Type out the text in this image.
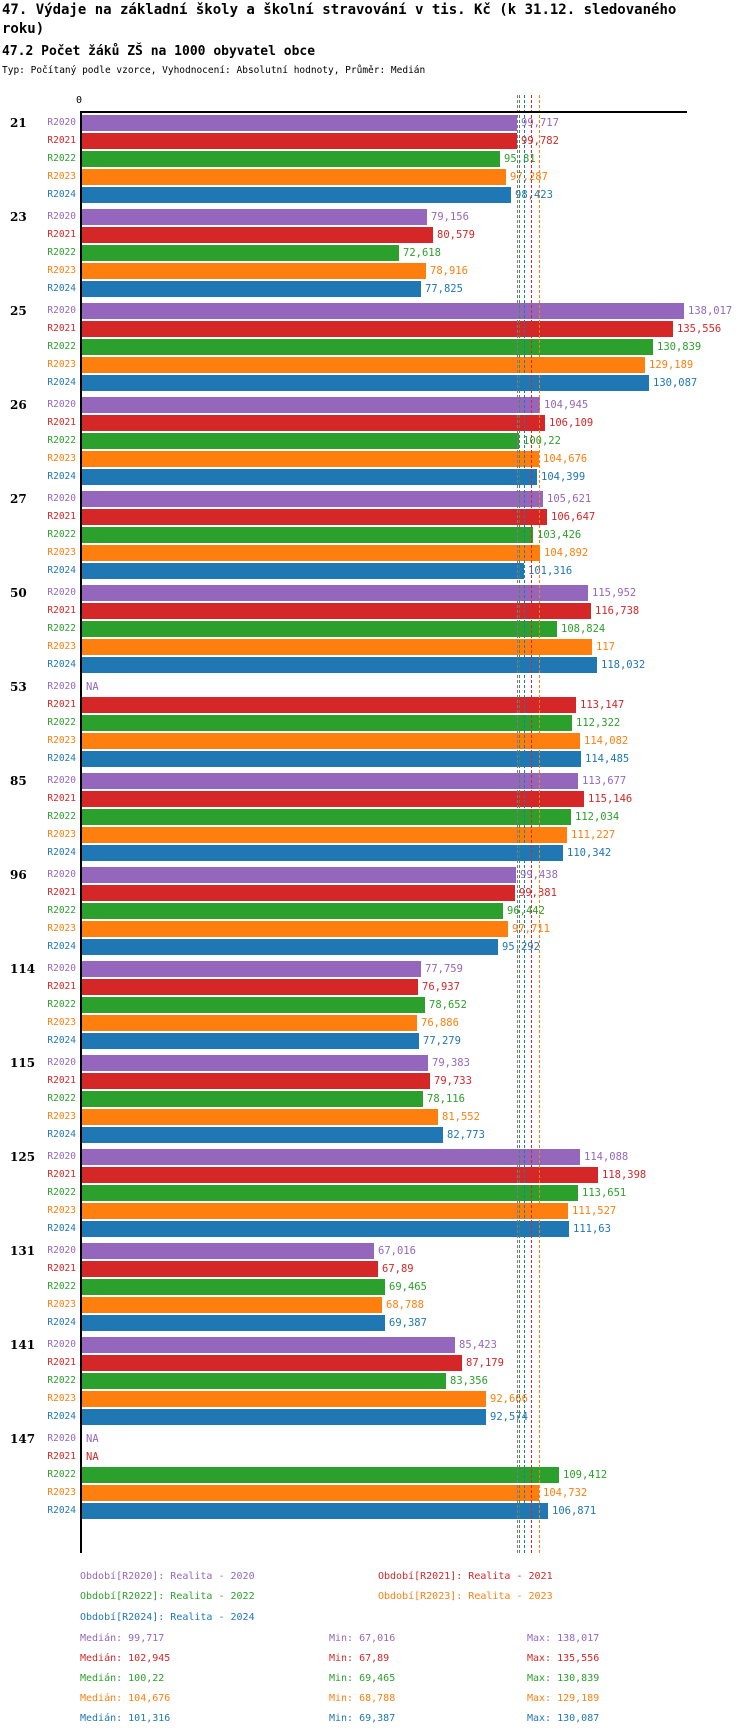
47. Výdaje na základní školy a školní stravování v tis. Kč (k 31.12. sledovaného
roku)
47.2 Počet žáků ZŠ na 1000 obyvatel obce
Typ: Počítaný podle vzorce, Vyhodnocení: Absolutní hodnoty, Průměr: Medián
0
21	R2020	99,717
R2021	99,782
R2022	95,81
R2023	97,287
R2024	98,423
23	R2020	79,156
R2021	80,579
R2022	72,618
R2023	78,916
R2024	77,825
25	R2020	138,017
R2021	135,556
R2022	130,839
R2023	129,189
R2024	130,087
26	R2020	104,945
R2021	106,109
R2022	100,22
R2023	104,676
R2024	104,399
27	R2020	105,621
R2021	106,647
R2022	103,426
R2023	104,892
R2024	101,316
50	R2020	115,952
R2021	116,738
R2022	108,824
R2023	117
R2024	118,032
53	R2020 NA
R2021	113,147
R2022	112,322
R2023	114,082
R2024	114,485
85	R2020	113,677
R2021	115,146
R2022	112,034
R2023	111,227
R2024	110,342
96	R2020	99,438
R2021	99,381
R2022	96,442
R2023	97,711
R2024	95,292
114	R2020	77,759
R2021	76,937
R2022	78,652
R2023	76,886
R2024	77,279
115	R2020	79,383
R2021	79,733
R2022	78,116
R2023	81,552
R2024	82,773
125	R2020	114,088
R2021	118,398
R2022	113,651
R2023	111,527
R2024	111,63
131	R2020	67,016
R2021	67,89
R2022	69,465
R2023	68,788
R2024	69,387
141	R2020	85,423
R2021	87,179
R2022	83,356
R2023	92,666
R2024	92,574
147	R2020 NA
R2021 NA
R2022	109,412
R2023	104,732
R2024	106,871
Období[R2020]: Realita - 2020	Období[R2021]: Realita - 2021
Období[R2022]: Realita - 2022	Období[R2023]: Realita - 2023
Období[R2024]: Realita - 2024
Medián: 99,717	Min: 67,016	Max: 138,017
Medián: 102,945	Min: 67,89	Max: 135,556
Medián: 100,22	Min: 69,465	Max: 130,839
Medián: 104,676	Min: 68,788	Max: 129,189
Medián: 101,316	Min: 69,387	Max: 130,087
